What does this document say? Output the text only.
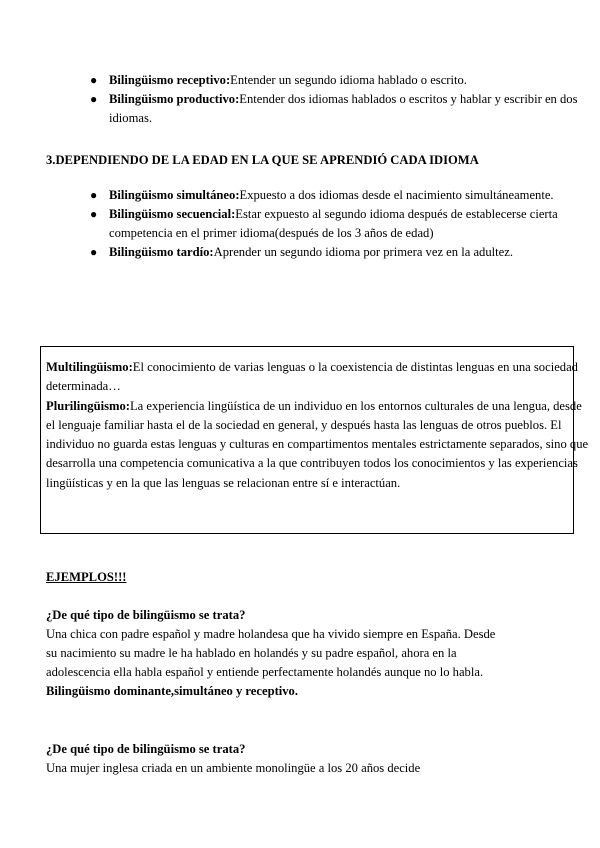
● Bilingüismo receptivo:Entender un segundo idioma hablado o escrito.
● Bilingüismo productivo:Entender dos idiomas hablados o escritos y hablar y escribir en dos idiomas.
3.DEPENDIENDO DE LA EDAD EN LA QUE SE APRENDIÓ CADA IDIOMA
● Bilingüismo simultáneo:Expuesto a dos idiomas desde el nacimiento simultáneamente.
● Bilingüismo secuencial:Estar expuesto al segundo idioma después de establecerse cierta competencia en el primer idioma(después de los 3 años de edad)
● Bilingüismo tardío:Aprender un segundo idioma por primera vez en la adultez.
Multilingüismo:El conocimiento de varias lenguas o la coexistencia de distintas lenguas en una sociedad determinada…
Plurilingüismo:La experiencia lingüística de un individuo en los entornos culturales de una lengua, desde el lenguaje familiar hasta el de la sociedad en general, y después hasta las lenguas de otros pueblos. El individuo no guarda estas lenguas y culturas en compartimentos mentales estrictamente separados, sino que desarrolla una competencia comunicativa a la que contribuyen todos los conocimientos y las experiencias lingüísticas y en la que las lenguas se relacionan entre sí e interactúan.
EJEMPLOS!!!
¿De qué tipo de bilingüismo se trata?
Una chica con padre español y madre holandesa que ha vivido siempre en España. Desde su nacimiento su madre le ha hablado en holandés y su padre español, ahora en la adolescencia ella habla español y entiende perfectamente holandés aunque no lo habla.
Bilingüismo dominante,simultáneo y receptivo.
¿De qué tipo de bilingüismo se trata?
Una mujer inglesa criada en un ambiente monolingüe a los 20 años decide
